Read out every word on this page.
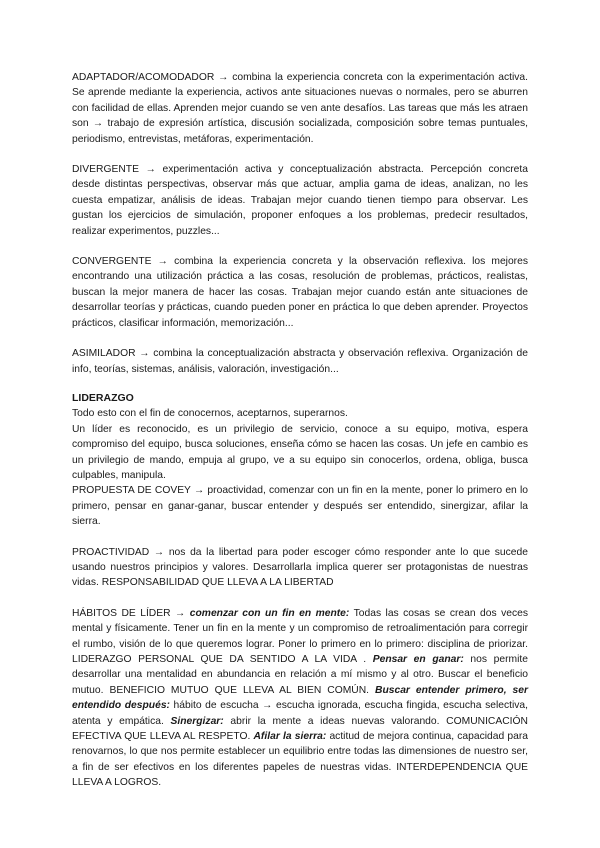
ADAPTADOR/ACOMODADOR → combina la experiencia concreta con la experimentación activa. Se aprende mediante la experiencia, activos ante situaciones nuevas o normales, pero se aburren con facilidad de ellas. Aprenden mejor cuando se ven ante desafíos. Las tareas que más les atraen son → trabajo de expresión artística, discusión socializada, composición sobre temas puntuales, periodismo, entrevistas, metáforas, experimentación.

DIVERGENTE → experimentación activa y conceptualización abstracta. Percepción concreta desde distintas perspectivas, observar más que actuar, amplia gama de ideas, analizan, no les cuesta empatizar, análisis de ideas. Trabajan mejor cuando tienen tiempo para observar. Les gustan los ejercicios de simulación, proponer enfoques a los problemas, predecir resultados, realizar experimentos, puzzles...

CONVERGENTE → combina la experiencia concreta y la observación reflexiva. los mejores encontrando una utilización práctica a las cosas, resolución de problemas, prácticos, realistas, buscan la mejor manera de hacer las cosas. Trabajan mejor cuando están ante situaciones de desarrollar teorías y prácticas, cuando pueden poner en práctica lo que deben aprender. Proyectos prácticos, clasificar información, memorización...

ASIMILADOR → combina la conceptualización abstracta y observación reflexiva. Organización de info, teorías, sistemas, análisis, valoración, investigación...

LIDERAZGO

Todo esto con el fin de conocernos, aceptarnos, superarnos.

Un líder es reconocido, es un privilegio de servicio, conoce a su equipo, motiva, espera compromiso del equipo, busca soluciones, enseña cómo se hacen las cosas. Un jefe en cambio es un privilegio de mando, empuja al grupo, ve a su equipo sin conocerlos, ordena, obliga, busca culpables, manipula.

PROPUESTA DE COVEY → proactividad, comenzar con un fin en la mente, poner lo primero en lo primero, pensar en ganar-ganar, buscar entender y después ser entendido, sinergizar, afilar la sierra.

PROACTIVIDAD → nos da la libertad para poder escoger cómo responder ante lo que sucede usando nuestros principios y valores. Desarrollarla implica querer ser protagonistas de nuestras vidas. RESPONSABILIDAD QUE LLEVA A LA LIBERTAD

HÁBITOS DE LÍDER → comenzar con un fin en mente: Todas las cosas se crean dos veces mental y físicamente. Tener un fin en la mente y un compromiso de retroalimentación para corregir el rumbo, visión de lo que queremos lograr. Poner lo primero en lo primero: disciplina de priorizar. LIDERAZGO PERSONAL QUE DA SENTIDO A LA VIDA . Pensar en ganar: nos permite desarrollar una mentalidad en abundancia en relación a mí mismo y al otro. Buscar el beneficio mutuo. BENEFICIO MUTUO QUE LLEVA AL BIEN COMÚN. Buscar entender primero, ser entendido después: hábito de escucha → escucha ignorada, escucha fingida, escucha selectiva, atenta y empática. Sinergizar: abrir la mente a ideas nuevas valorando. COMUNICACIÓN EFECTIVA QUE LLEVA AL RESPETO. Afilar la sierra: actitud de mejora continua, capacidad para renovarnos, lo que nos permite establecer un equilibrio entre todas las dimensiones de nuestro ser, a fin de ser efectivos en los diferentes papeles de nuestras vidas. INTERDEPENDENCIA QUE LLEVA A LOGROS.
